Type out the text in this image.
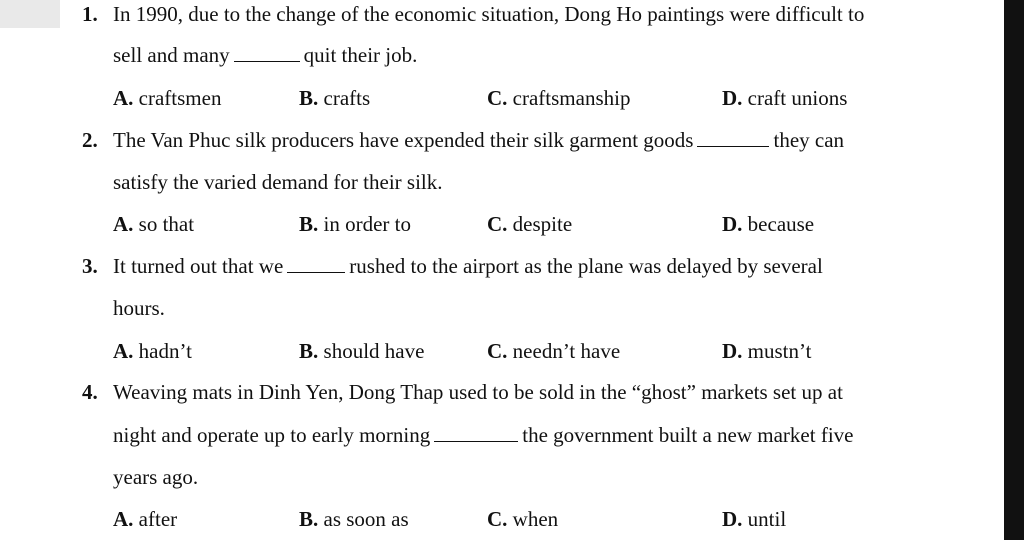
1. In 1990, due to the change of the economic situation, Dong Ho paintings were difficult to
sell and many	quit their job.
A. craftsmen	B. crafts	C. craftsmanship	D. craft unions
2. The Van Phuc silk producers have expended their silk garment goods	they can
satisfy the varied demand for their silk.
A. so that	B. in order to	C. despite	D. because
3. It turned out that we	rushed to the airport as the plane was delayed by several
hours.
A. hadn’t	B. should have	C. needn’t have	D. mustn’t
4. Weaving mats in Dinh Yen, Dong Thap used to be sold in the “ghost” markets set up at
night and operate up to early morning	the government built a new market five
years ago.
A. after	B. as soon as	C. when	D. until
